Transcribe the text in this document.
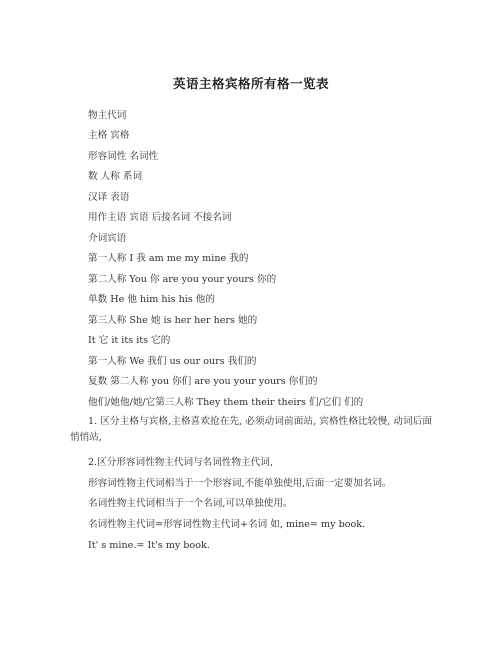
英语主格宾格所有格一览表
物主代词
主格 宾格
形容词性 名词性
数 人称 系词
汉译 表语
用作主语 宾语 后接名词 不接名词
介词宾语
第一人称 I 我 am me my mine 我的
第二人称 You 你 are you your yours 你的
单数 He 他 him his his 他的
第三人称 She 她 is her her hers 她的
It 它 it its its 它的
第一人称 We 我们 us our ours 我们的
复数 第二人称 you 你们 are you your yours 你们的
他们/她他/她/它第三人称 They them their theirs 们/它们 们的
1. 区分主格与宾格,主格喜欢抢在先, 必须动词前面站, 宾格性格比较慢, 动词后面悄悄站,
2.区分形容词性物主代词与名词性物主代词,
形容词性物主代词相当于一个形容词,不能单独使用,后面一定要加名词。
名词性物主代词相当于一个名词,可以单独使用。
名词性物主代词=形容词性物主代词+名词 如, mine= my book.
It' s mine.= It's my book.
